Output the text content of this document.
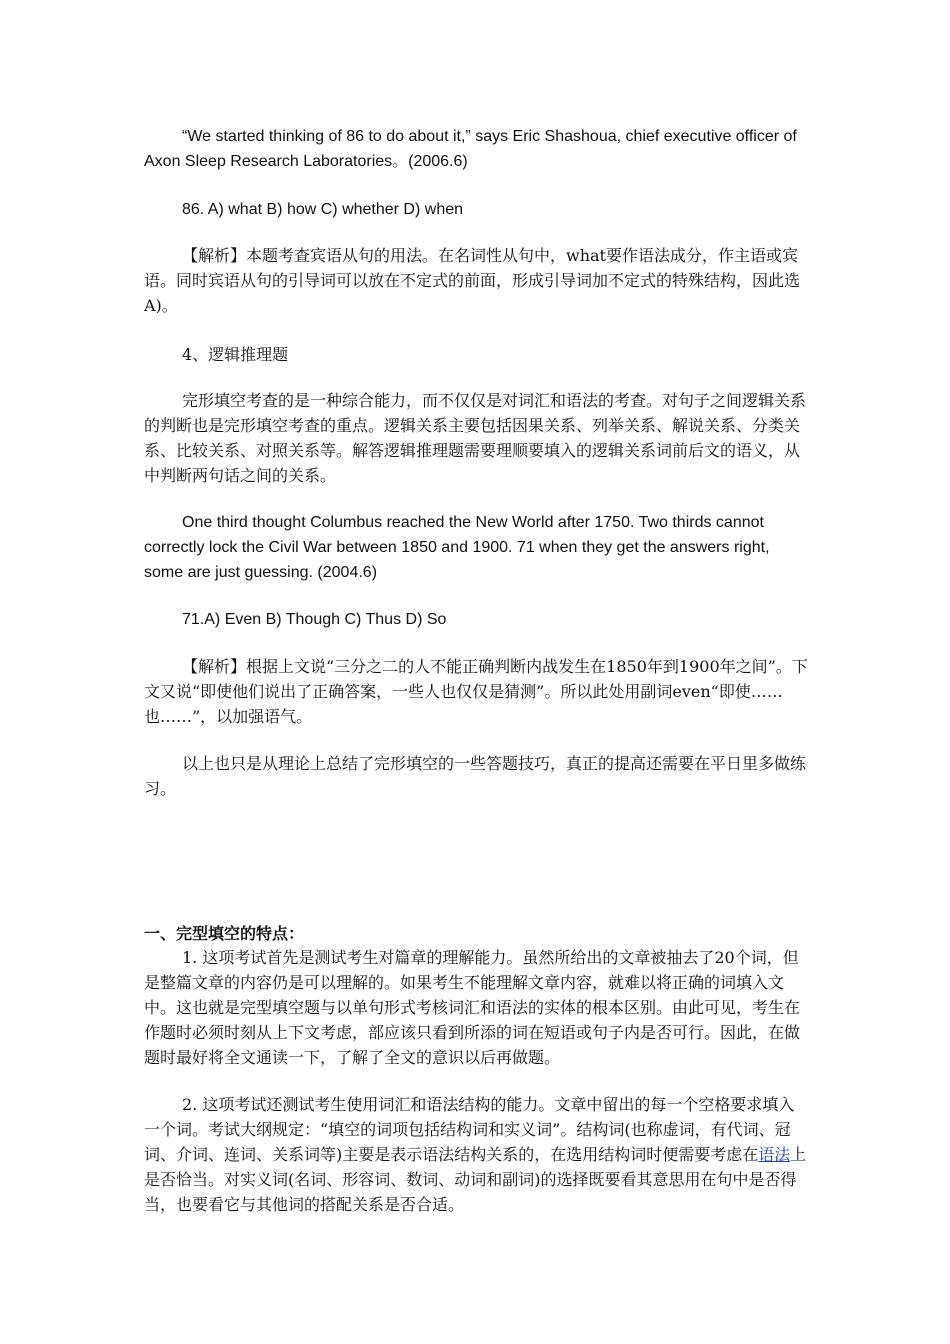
“We started thinking of 86 to do about it,” says Eric Shashoua, chief executive officer of Axon Sleep Research Laboratories。(2006.6)

86. A) what B) how C) whether D) when

【解析】本题考查宾语从句的用法。在名词性从句中，what要作语法成分，作主语或宾语。同时宾语从句的引导词可以放在不定式的前面，形成引导词加不定式的特殊结构，因此选A)。

4、逻辑推理题

完形填空考查的是一种综合能力，而不仅仅是对词汇和语法的考查。对句子之间逻辑关系的判断也是完形填空考查的重点。逻辑关系主要包括因果关系、列举关系、解说关系、分类关系、比较关系、对照关系等。解答逻辑推理题需要理顺要填入的逻辑关系词前后文的语义，从中判断两句话之间的关系。

One third thought Columbus reached the New World after 1750. Two thirds cannot correctly lock the Civil War between 1850 and 1900. 71 when they get the answers right, some are just guessing. (2004.6)

71.A) Even B) Though C) Thus D) So

【解析】根据上文说“三分之二的人不能正确判断内战发生在1850年到1900年之间”。下文又说“即使他们说出了正确答案，一些人也仅仅是猜测”。所以此处用副词even“即使……也……”，以加强语气。

以上也只是从理论上总结了完形填空的一些答题技巧，真正的提高还需要在平日里多做练习。

一、完型填空的特点：

1. 这项考试首先是测试考生对篇章的理解能力。虽然所给出的文章被抽去了20个词，但是整篇文章的内容仍是可以理解的。如果考生不能理解文章内容，就难以将正确的词填入文中。这也就是完型填空题与以单句形式考核词汇和语法的实体的根本区别。由此可见，考生在作题时必须时刻从上下文考虑，部应该只看到所添的词在短语或句子内是否可行。因此，在做题时最好将全文通读一下，了解了全文的意识以后再做题。

2. 这项考试还测试考生使用词汇和语法结构的能力。文章中留出的每一个空格要求填入一个词。考试大纲规定：“填空的词项包括结构词和实义词”。结构词(也称虚词，有代词、冠词、介词、连词、关系词等)主要是表示语法结构关系的，在选用结构词时便需要考虑在语法上是否恰当。对实义词(名词、形容词、数词、动词和副词)的选择既要看其意思用在句中是否得当，也要看它与其他词的搭配关系是否合适。
